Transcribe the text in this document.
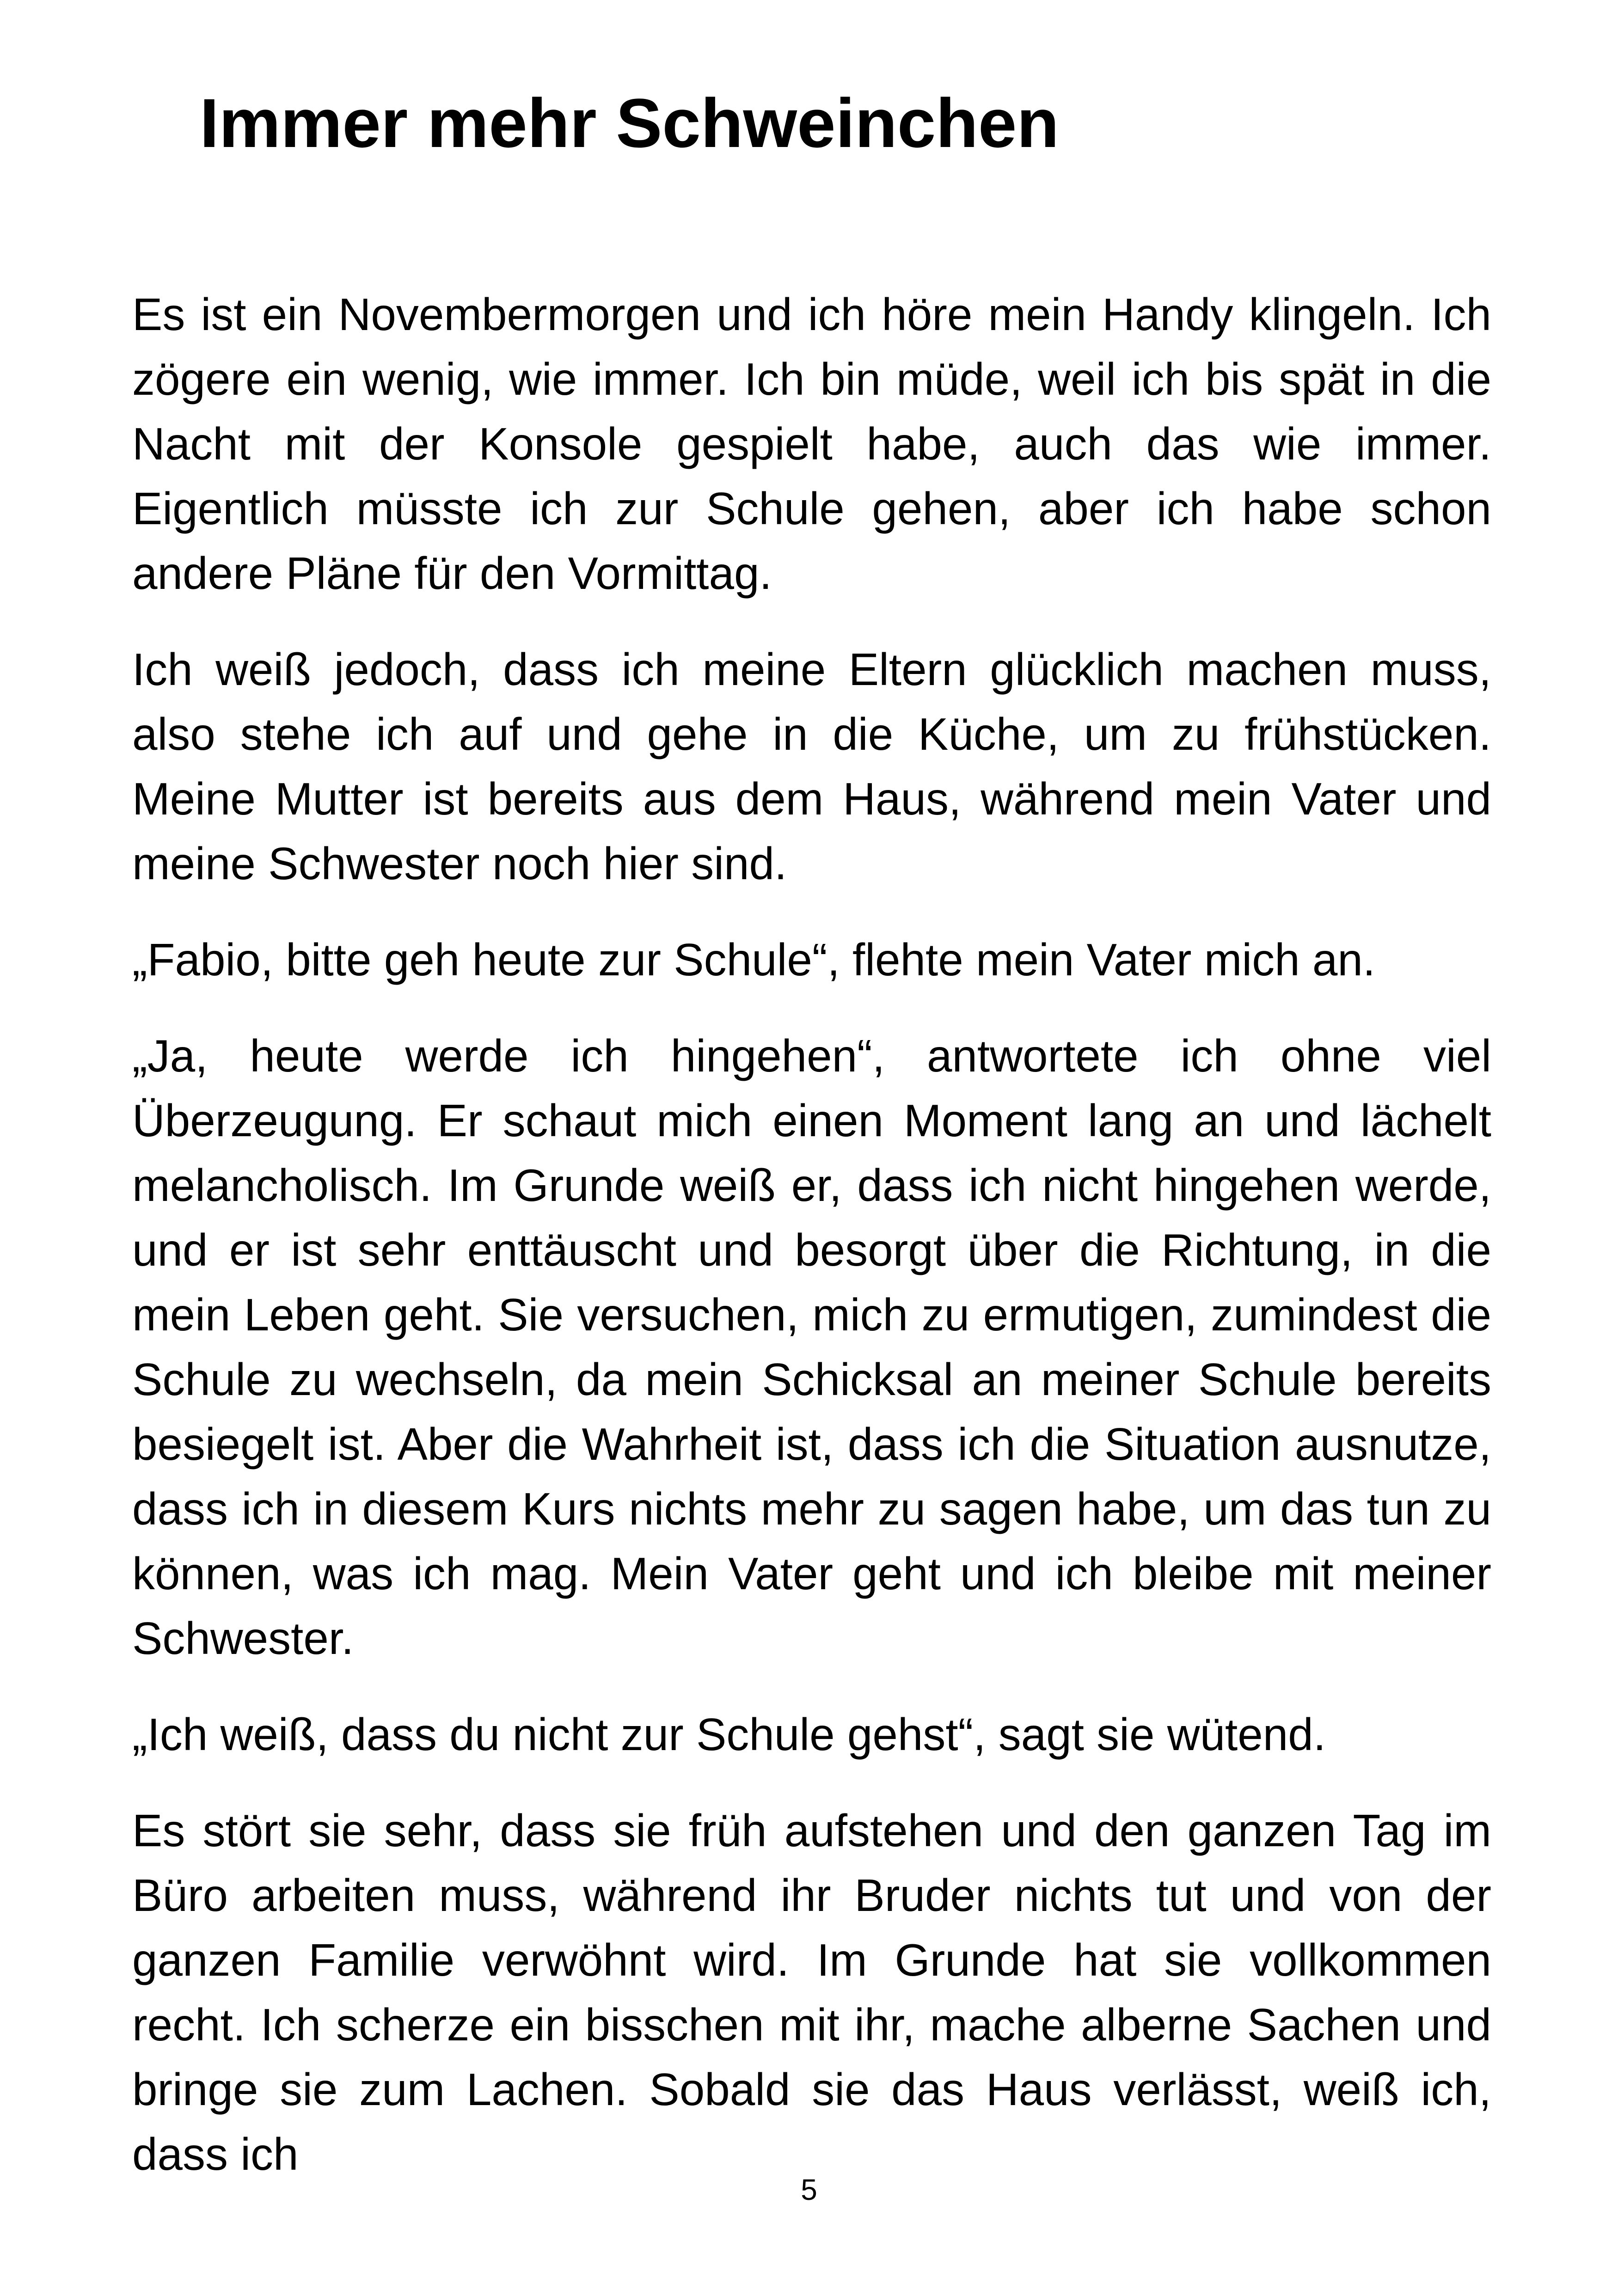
Immer mehr Schweinchen

Es ist ein Novembermorgen und ich höre mein Handy klingeln. Ich zögere ein wenig, wie immer. Ich bin müde, weil ich bis spät in die Nacht mit der Konsole gespielt habe, auch das wie immer. Eigentlich müsste ich zur Schule gehen, aber ich habe schon andere Pläne für den Vormittag.

Ich weiß jedoch, dass ich meine Eltern glücklich machen muss, also stehe ich auf und gehe in die Küche, um zu frühstücken. Meine Mutter ist bereits aus dem Haus, während mein Vater und meine Schwester noch hier sind.

„Fabio, bitte geh heute zur Schule“, flehte mein Vater mich an.

„Ja, heute werde ich hingehen“, antwortete ich ohne viel Überzeugung. Er schaut mich einen Moment lang an und lächelt melancholisch. Im Grunde weiß er, dass ich nicht hingehen werde, und er ist sehr enttäuscht und besorgt über die Richtung, in die mein Leben geht. Sie versuchen, mich zu ermutigen, zumindest die Schule zu wechseln, da mein Schicksal an meiner Schule bereits besiegelt ist. Aber die Wahrheit ist, dass ich die Situation ausnutze, dass ich in diesem Kurs nichts mehr zu sagen habe, um das tun zu können, was ich mag. Mein Vater geht und ich bleibe mit meiner Schwester.

„Ich weiß, dass du nicht zur Schule gehst“, sagt sie wütend.

Es stört sie sehr, dass sie früh aufstehen und den ganzen Tag im Büro arbeiten muss, während ihr Bruder nichts tut und von der ganzen Familie verwöhnt wird. Im Grunde hat sie vollkommen recht. Ich scherze ein bisschen mit ihr, mache alberne Sachen und bringe sie zum Lachen. Sobald sie das Haus verlässt, weiß ich, dass ich

5
